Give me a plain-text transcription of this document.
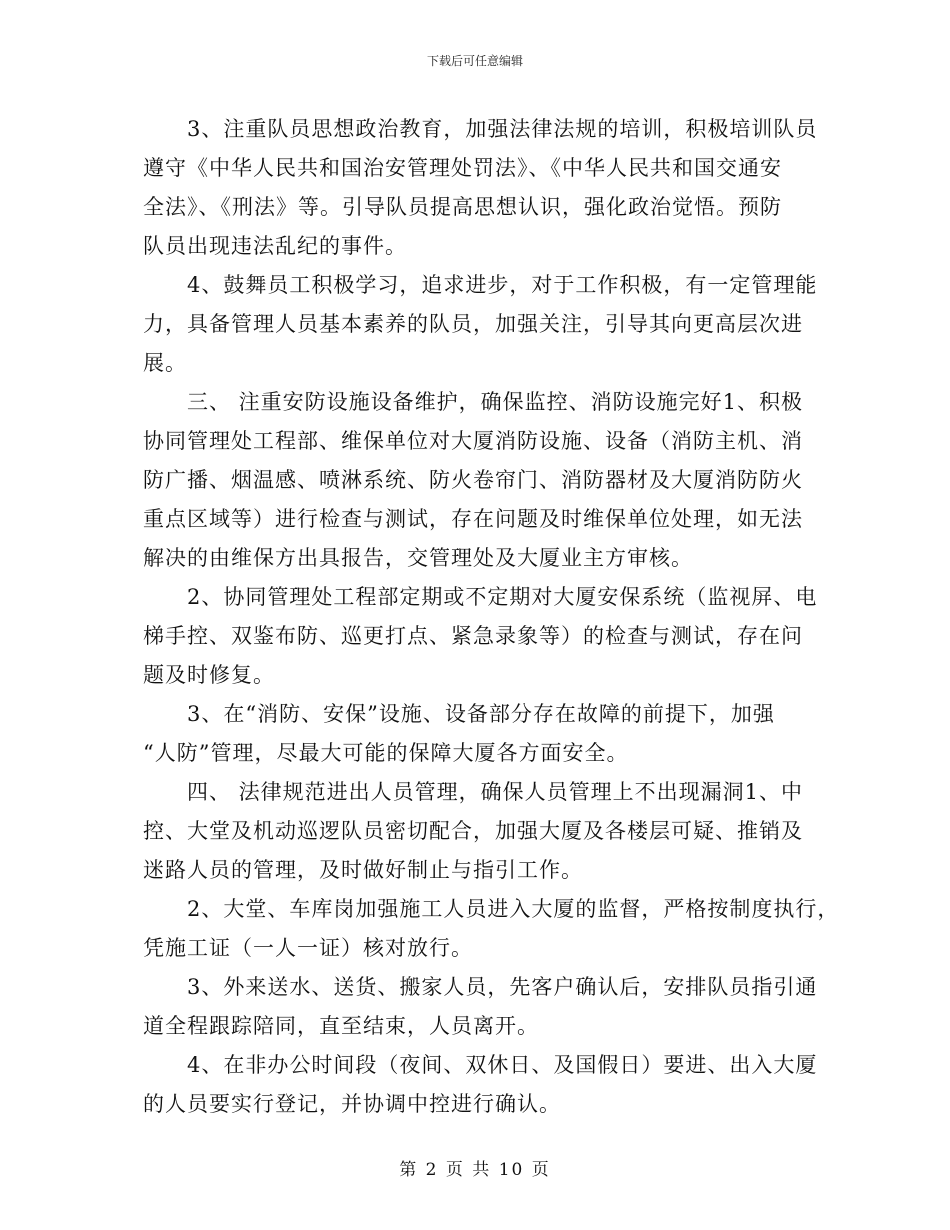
下载后可任意编辑

3、注重队员思想政治教育，加强法律法规的培训，积极培训队员
遵守《中华人民共和国治安管理处罚法》、《中华人民共和国交通安
全法》、《刑法》等。引导队员提高思想认识，强化政治觉悟。预防
队员出现违法乱纪的事件。

4、鼓舞员工积极学习，追求进步，对于工作积极，有一定管理能
力，具备管理人员基本素养的队员，加强关注，引导其向更高层次进
展。

三、 注重安防设施设备维护，确保监控、消防设施完好1、积极
协同管理处工程部、维保单位对大厦消防设施、设备（消防主机、消
防广播、烟温感、喷淋系统、防火卷帘门、消防器材及大厦消防防火
重点区域等）进行检查与测试，存在问题及时维保单位处理，如无法
解决的由维保方出具报告，交管理处及大厦业主方审核。

2、协同管理处工程部定期或不定期对大厦安保系统（监视屏、电
梯手控、双鉴布防、巡更打点、紧急录象等）的检查与测试，存在问
题及时修复。

3、在“消防、安保”设施、设备部分存在故障的前提下，加强
“人防”管理，尽最大可能的保障大厦各方面安全。

四、 法律规范进出人员管理，确保人员管理上不出现漏洞1、中
控、大堂及机动巡逻队员密切配合，加强大厦及各楼层可疑、推销及
迷路人员的管理，及时做好制止与指引工作。

2、大堂、车库岗加强施工人员进入大厦的监督，严格按制度执行，
凭施工证（一人一证）核对放行。

3、外来送水、送货、搬家人员，先客户确认后，安排队员指引通
道全程跟踪陪同，直至结束，人员离开。

4、在非办公时间段（夜间、双休日、及国假日）要进、出入大厦
的人员要实行登记，并协调中控进行确认。

第 2 页 共 10 页
